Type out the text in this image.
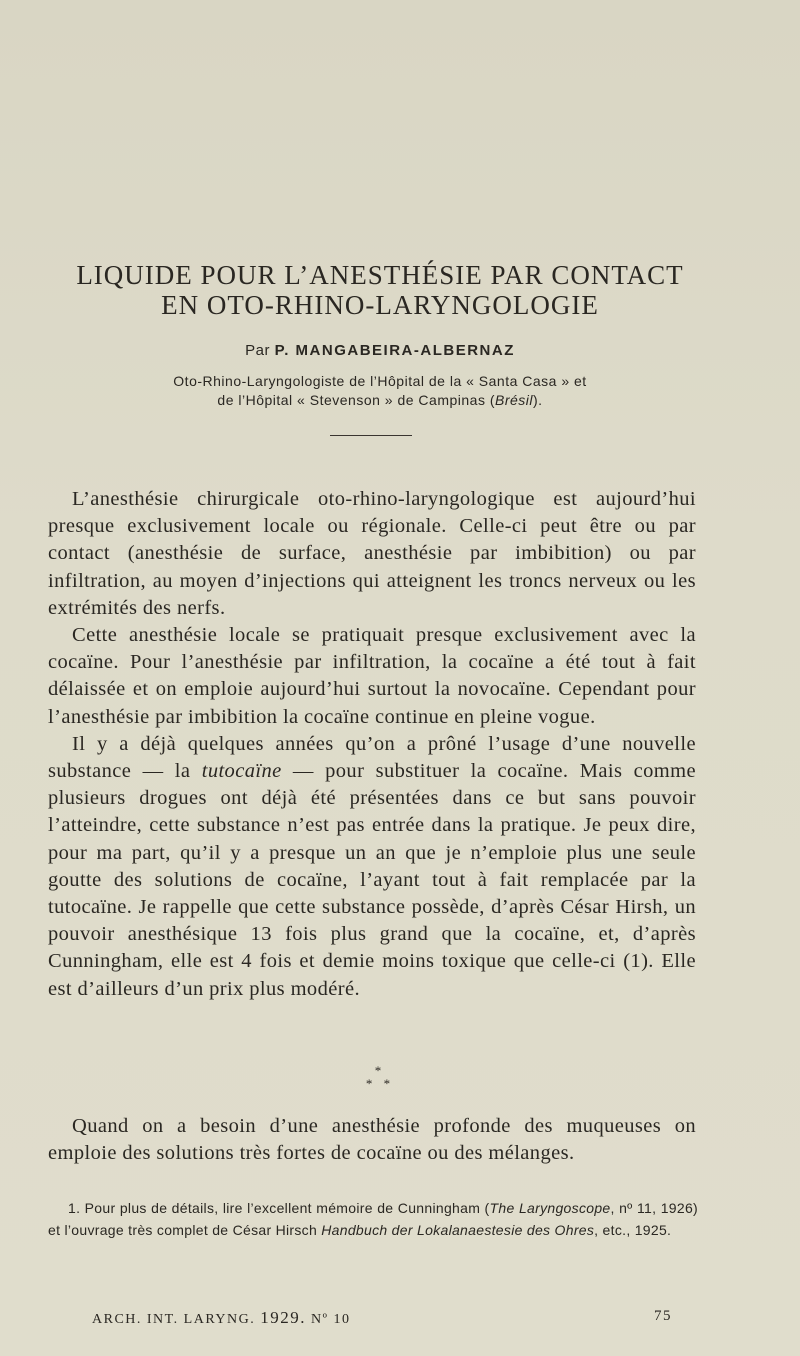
LIQUIDE POUR L’ANESTHÉSIE PAR CONTACT
EN OTO-RHINO-LARYNGOLOGIE
Par P. MANGABEIRA-ALBERNAZ
Oto-Rhino-Laryngologiste de l’Hôpital de la « Santa Casa » et
de l’Hôpital « Stevenson » de Campinas (Brésil).

L’anesthésie chirurgicale oto-rhino-laryngologique est aujourd’hui presque exclusivement locale ou régionale. Celle-ci peut être ou par contact (anesthésie de surface, anesthésie par imbibition) ou par infiltration, au moyen d’injections qui atteignent les troncs nerveux ou les extrémités des nerfs.

Cette anesthésie locale se pratiquait presque exclusivement avec la cocaïne. Pour l’anesthésie par infiltration, la cocaïne a été tout à fait délaissée et on emploie aujourd’hui surtout la novocaïne. Cependant pour l’anesthésie par imbibition la cocaïne continue en pleine vogue.

Il y a déjà quelques années qu’on a prôné l’usage d’une nouvelle substance — la tutocaïne — pour substituer la cocaïne. Mais comme plusieurs drogues ont déjà été présentées dans ce but sans pouvoir l’atteindre, cette substance n’est pas entrée dans la pratique. Je peux dire, pour ma part, qu’il y a presque un an que je n’emploie plus une seule goutte des solutions de cocaïne, l’ayant tout à fait remplacée par la tutocaïne. Je rappelle que cette substance possède, d’après César Hirsh, un pouvoir anesthésique 13 fois plus grand que la cocaïne, et, d’après Cunningham, elle est 4 fois et demie moins toxique que celle-ci (1). Elle est d’ailleurs d’un prix plus modéré.

*
* *

Quand on a besoin d’une anesthésie profonde des muqueuses on emploie des solutions très fortes de cocaïne ou des mélanges.

1. Pour plus de détails, lire l’excellent mémoire de Cunningham (The Laryngoscope, nº 11, 1926) et l’ouvrage très complet de César Hirsch Handbuch der Lokalanaestesie des Ohres, etc., 1925.
ARCH. INT. LARYNG. 1929. Nº 10	75
